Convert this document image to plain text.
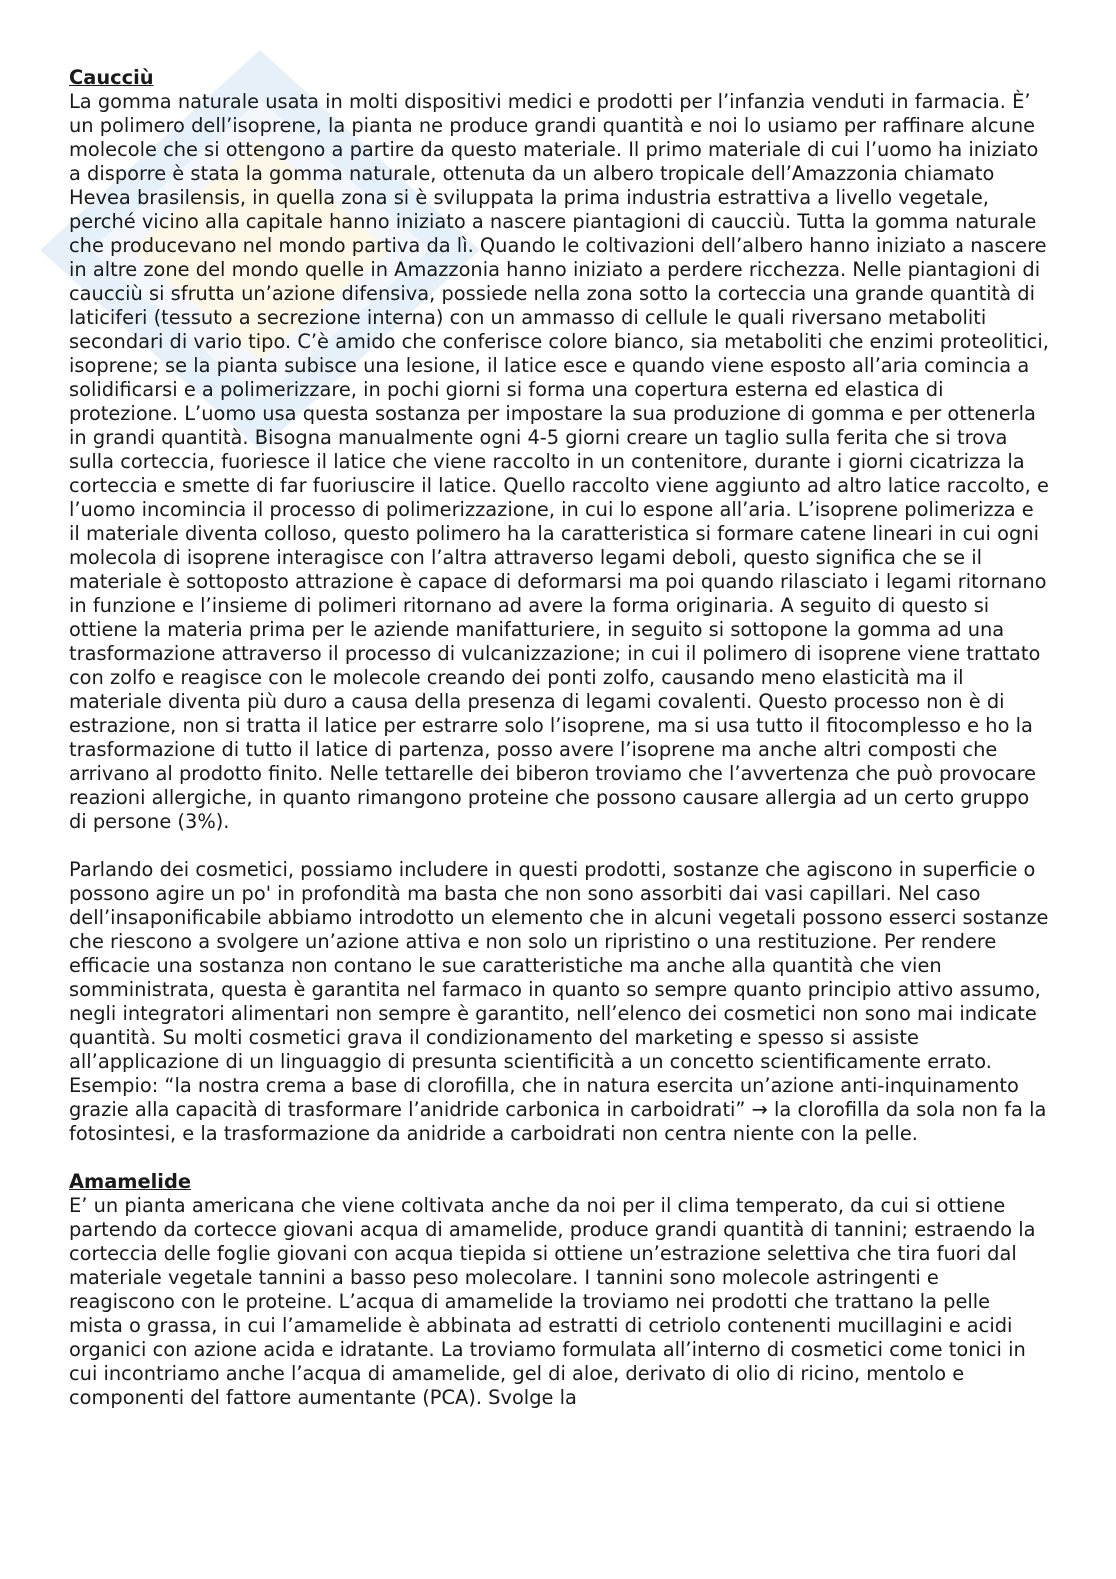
Caucciù

La gomma naturale usata in molti dispositivi medici e prodotti per l’infanzia venduti in farmacia. È’ un polimero dell’isoprene, la pianta ne produce grandi quantità e noi lo usiamo per raffinare alcune molecole che si ottengono a partire da questo materiale. Il primo materiale di cui l’uomo ha iniziato a disporre è stata la gomma naturale, ottenuta da un albero tropicale dell’Amazzonia chiamato Hevea brasilensis, in quella zona si è sviluppata la prima industria estrattiva a livello vegetale, perché vicino alla capitale hanno iniziato a nascere piantagioni di caucciù. Tutta la gomma naturale che producevano nel mondo partiva da lì. Quando le coltivazioni dell’albero hanno iniziato a nascere in altre zone del mondo quelle in Amazzonia hanno iniziato a perdere ricchezza. Nelle piantagioni di caucciù si sfrutta un’azione difensiva, possiede nella zona sotto la corteccia una grande quantità di laticiferi (tessuto a secrezione interna) con un ammasso di cellule le quali riversano metaboliti secondari di vario tipo. C’è amido che conferisce colore bianco, sia metaboliti che enzimi proteolitici, isoprene; se la pianta subisce una lesione, il latice esce e quando viene esposto all’aria comincia a solidificarsi e a polimerizzare, in pochi giorni si forma una copertura esterna ed elastica di protezione. L’uomo usa questa sostanza per impostare la sua produzione di gomma e per ottenerla in grandi quantità. Bisogna manualmente ogni 4-5 giorni creare un taglio sulla ferita che si trova sulla corteccia, fuoriesce il latice che viene raccolto in un contenitore, durante i giorni cicatrizza la corteccia e smette di far fuoriuscire il latice. Quello raccolto viene aggiunto ad altro latice raccolto, e l’uomo incomincia il processo di polimerizzazione, in cui lo espone all’aria. L’isoprene polimerizza e il materiale diventa colloso, questo polimero ha la caratteristica si formare catene lineari in cui ogni molecola di isoprene interagisce con l’altra attraverso legami deboli, questo significa che se il materiale è sottoposto attrazione è capace di deformarsi ma poi quando rilasciato i legami ritornano in funzione e l’insieme di polimeri ritornano ad avere la forma originaria. A seguito di questo si ottiene la materia prima per le aziende manifatturiere, in seguito si sottopone la gomma ad una trasformazione attraverso il processo di vulcanizzazione; in cui il polimero di isoprene viene trattato con zolfo e reagisce con le molecole creando dei ponti zolfo, causando meno elasticità ma il materiale diventa più duro a causa della presenza di legami covalenti. Questo processo non è di estrazione, non si tratta il latice per estrarre solo l’isoprene, ma si usa tutto il fitocomplesso e ho la trasformazione di tutto il latice di partenza, posso avere l’isoprene ma anche altri composti che arrivano al prodotto finito. Nelle tettarelle dei biberon troviamo che l’avvertenza che può provocare reazioni allergiche, in quanto rimangono proteine che possono causare allergia ad un certo gruppo di persone (3%).

Parlando dei cosmetici, possiamo includere in questi prodotti, sostanze che agiscono in superficie o possono agire un po' in profondità ma basta che non sono assorbiti dai vasi capillari. Nel caso dell’insaponificabile abbiamo introdotto un elemento che in alcuni vegetali possono esserci sostanze che riescono a svolgere un’azione attiva e non solo un ripristino o una restituzione. Per rendere efficacie una sostanza non contano le sue caratteristiche ma anche alla quantità che vien somministrata, questa è garantita nel farmaco in quanto so sempre quanto principio attivo assumo, negli integratori alimentari non sempre è garantito, nell’elenco dei cosmetici non sono mai indicate quantità. Su molti cosmetici grava il condizionamento del marketing e spesso si assiste all’applicazione di un linguaggio di presunta scientificità a un concetto scientificamente errato. Esempio: “la nostra crema a base di clorofilla, che in natura esercita un’azione anti-inquinamento grazie alla capacità di trasformare l’anidride carbonica in carboidrati” → la clorofilla da sola non fa la fotosintesi, e la trasformazione da anidride a carboidrati non centra niente con la pelle.

Amamelide

E’ un pianta americana che viene coltivata anche da noi per il clima temperato, da cui si ottiene partendo da cortecce giovani acqua di amamelide, produce grandi quantità di tannini; estraendo la corteccia delle foglie giovani con acqua tiepida si ottiene un’estrazione selettiva che tira fuori dal materiale vegetale tannini a basso peso molecolare. I tannini sono molecole astringenti e reagiscono con le proteine. L’acqua di amamelide la troviamo nei prodotti che trattano la pelle mista o grassa, in cui l’amamelide è abbinata ad estratti di cetriolo contenenti mucillagini e acidi organici con azione acida e idratante. La troviamo formulata all’interno di cosmetici come tonici in cui incontriamo anche l’acqua di amamelide, gel di aloe, derivato di olio di ricino, mentolo e componenti del fattore aumentante (PCA). Svolge la
